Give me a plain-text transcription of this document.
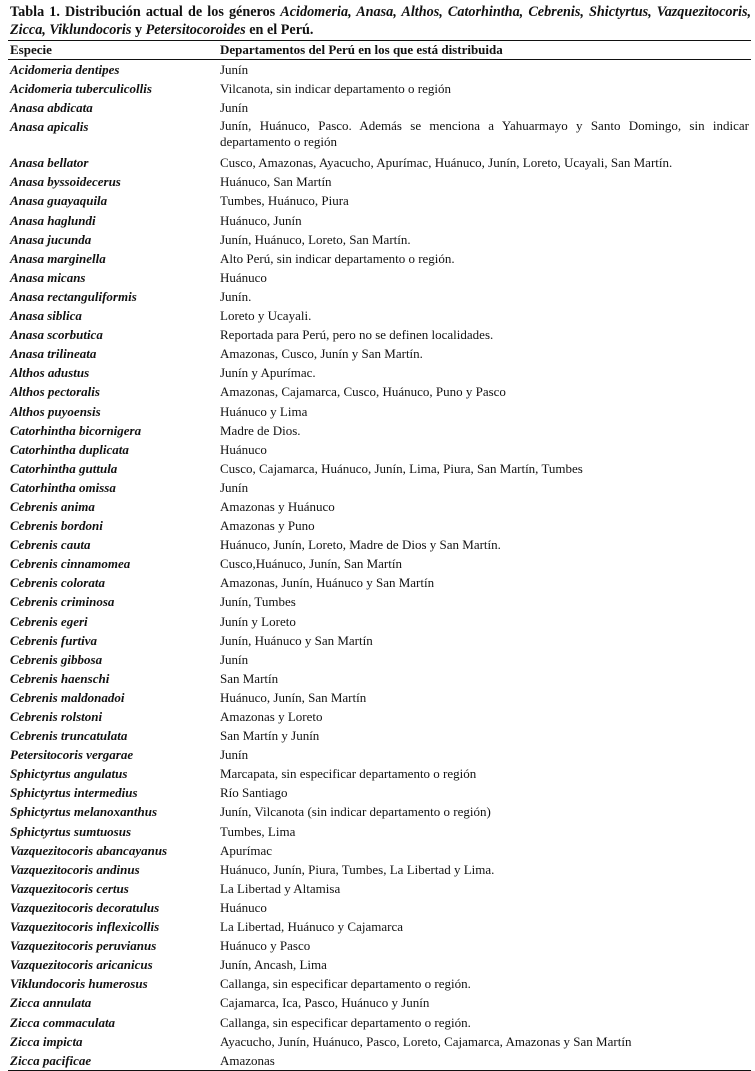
Tabla 1. Distribución actual de los géneros Acidomeria, Anasa, Althos, Catorhintha, Cebrenis, Shictyrtus, Vazquezitocoris, Zicca, Viklundocoris y Petersitocoroides en el Perú.

Especie	Departamentos del Perú en los que está distribuida
Acidomeria dentipes	Junín
Acidomeria tuberculicollis	Vilcanota, sin indicar departamento o región
Anasa abdicata	Junín
Anasa apicalis	Junín, Huánuco, Pasco. Además se menciona a Yahuarmayo y Santo Domingo, sin indicar departamento o región
Anasa bellator	Cusco, Amazonas, Ayacucho, Apurímac, Huánuco, Junín, Loreto, Ucayali, San Martín.
Anasa byssoidecerus	Huánuco, San Martín
Anasa guayaquila	Tumbes, Huánuco, Piura
Anasa haglundi	Huánuco, Junín
Anasa jucunda	Junín, Huánuco, Loreto, San Martín.
Anasa marginella	Alto Perú, sin indicar departamento o región.
Anasa micans	Huánuco
Anasa rectanguliformis	Junín.
Anasa siblica	Loreto y Ucayali.
Anasa scorbutica	Reportada para Perú, pero no se definen localidades.
Anasa trilineata	Amazonas, Cusco, Junín y San Martín.
Althos adustus	Junín y Apurímac.
Althos pectoralis	Amazonas, Cajamarca, Cusco, Huánuco, Puno y Pasco
Althos puyoensis	Huánuco y Lima
Catorhintha bicornigera	Madre de Dios.
Catorhintha duplicata	Huánuco
Catorhintha guttula	Cusco, Cajamarca, Huánuco, Junín, Lima, Piura, San Martín, Tumbes
Catorhintha omissa	Junín
Cebrenis anima	Amazonas y Huánuco
Cebrenis bordoni	Amazonas y Puno
Cebrenis cauta	Huánuco, Junín, Loreto, Madre de Dios y San Martín.
Cebrenis cinnamomea	Cusco,Huánuco, Junín, San Martín
Cebrenis colorata	Amazonas, Junín, Huánuco y San Martín
Cebrenis criminosa	Junín, Tumbes
Cebrenis egeri	Junín y Loreto
Cebrenis furtiva	Junín, Huánuco y San Martín
Cebrenis gibbosa	Junín
Cebrenis haenschi	San Martín
Cebrenis maldonadoi	Huánuco, Junín, San Martín
Cebrenis rolstoni	Amazonas y Loreto
Cebrenis truncatulata	San Martín y Junín
Petersitocoris vergarae	Junín
Sphictyrtus angulatus	Marcapata, sin especificar departamento o región
Sphictyrtus intermedius	Río Santiago
Sphictyrtus melanoxanthus	Junín, Vilcanota (sin indicar departamento o región)
Sphictyrtus sumtuosus	Tumbes, Lima
Vazquezitocoris abancayanus	Apurímac
Vazquezitocoris andinus	Huánuco, Junín, Piura, Tumbes, La Libertad y Lima.
Vazquezitocoris certus	La Libertad y Altamisa
Vazquezitocoris decoratulus	Huánuco
Vazquezitocoris inflexicollis	La Libertad, Huánuco y Cajamarca
Vazquezitocoris peruvianus	Huánuco y Pasco
Vazquezitocoris aricanicus	Junín, Ancash, Lima
Viklundocoris humerosus	Callanga, sin especificar departamento o región.
Zicca annulata	Cajamarca, Ica, Pasco, Huánuco y Junín
Zicca commaculata	Callanga, sin especificar departamento o región.
Zicca impicta	Ayacucho, Junín, Huánuco, Pasco, Loreto, Cajamarca, Amazonas y San Martín
Zicca pacificae	Amazonas
